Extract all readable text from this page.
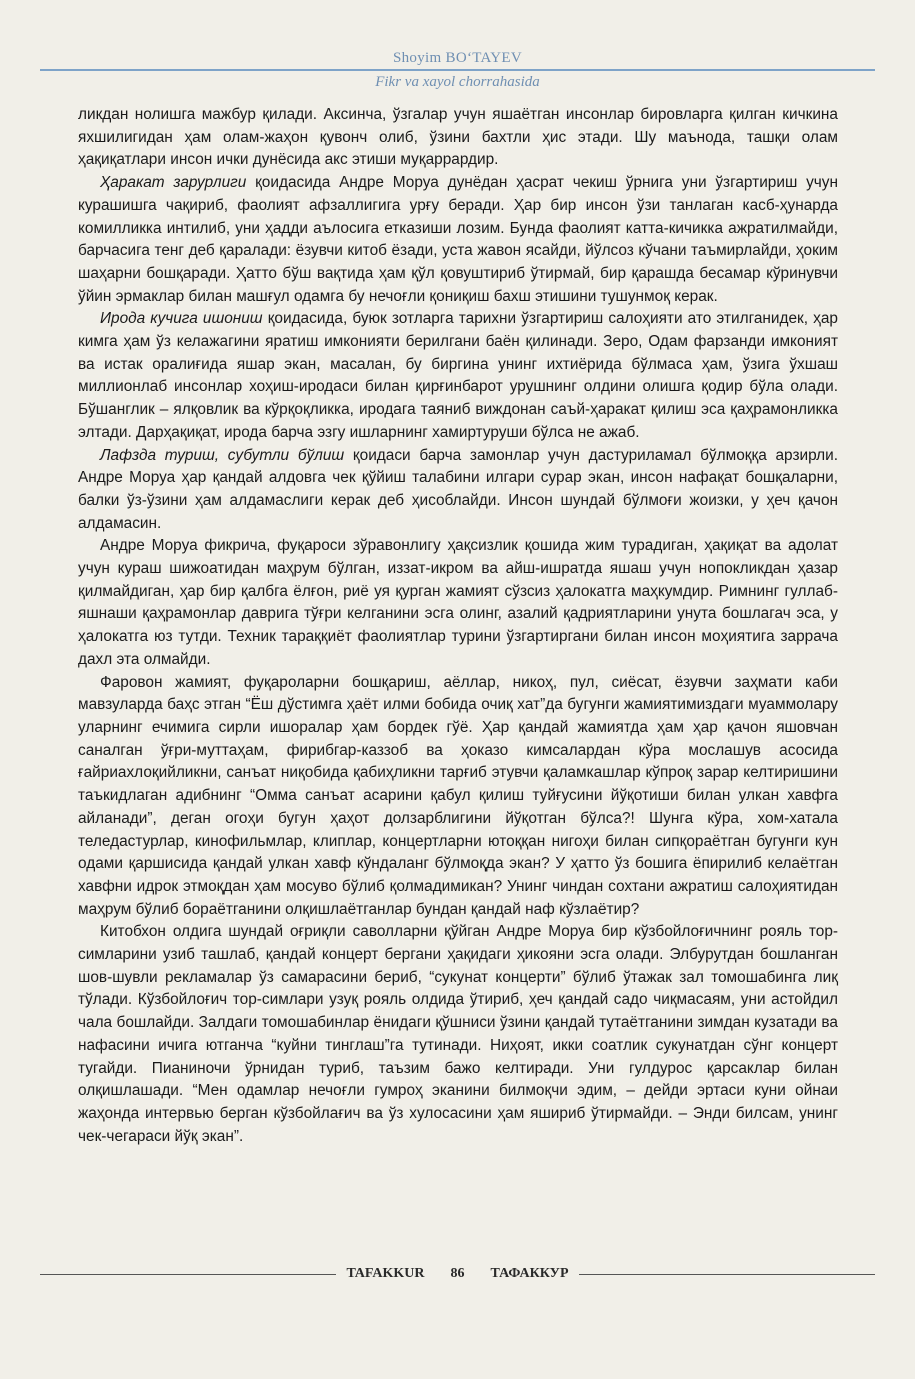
Shoyim BO‘TAYEV
Fikr va xayol chorrahasida

ликдан нолишга мажбур қилади. Аксинча, ўзгалар учун яшаётган инсонлар бировларга қилган кичкина яхшилигидан ҳам олам-жаҳон қувонч олиб, ўзини бахтли ҳис этади. Шу маънода, ташқи олам ҳақиқатлари инсон ички дунёсида акс этиши муқаррардир.

Ҳаракат зарурлиги қоидасида Андре Моруа дунёдан ҳасрат чекиш ўрнига уни ўзгартириш учун курашишга чақириб, фаолият афзаллигига урғу беради. Ҳар бир инсон ўзи танлаган касб-ҳунарда комилликка интилиб, уни ҳадди аълосига етказиши лозим. Бунда фаолият катта-кичикка ажратилмайди, барчасига тенг деб қаралади: ёзувчи китоб ёзади, уста жавон ясайди, йўлсоз кўчани таъмирлайди, ҳоким шаҳарни бошқаради. Ҳатто бўш вақтида ҳам қўл қовуштириб ўтирмай, бир қарашда бесамар кўринувчи ўйин эрмаклар билан машғул одамга бу нечоғли қониқиш бахш этишини тушунмоқ керак.

Ирода кучига ишониш қоидасида, буюк зотларга тарихни ўзгартириш салоҳияти ато этилганидек, ҳар кимга ҳам ўз келажагини яратиш имконияти берилгани баён қилинади. Зеро, Одам фарзанди имконият ва истак оралиғида яшар экан, масалан, бу биргина унинг ихтиёрида бўлмаса ҳам, ўзига ўхшаш миллионлаб инсонлар хоҳиш-иродаси билан қирғинбарот урушнинг олдини олишга қодир бўла олади. Бўшанглик – ялқовлик ва кўрқоқликка, иродага таяниб виждонан саъй-ҳаракат қилиш эса қаҳрамонликка элтади. Дарҳақиқат, ирода барча эзгу ишларнинг хамиртуруши бўлса не ажаб.

Лафзда туриш, субутли бўлиш қоидаси барча замонлар учун дастуриламал бўлмоққа арзирли. Андре Моруа ҳар қандай алдовга чек қўйиш талабини илгари сурар экан, инсон нафақат бошқаларни, балки ўз-ўзини ҳам алдамаслиги керак деб ҳисоблайди. Инсон шундай бўлмоғи жоизки, у ҳеч қачон алдамасин.

Андре Моруа фикрича, фуқароси зўравонлигу ҳақсизлик қошида жим турадиган, ҳақиқат ва адолат учун кураш шижоатидан маҳрум бўлган, иззат-икром ва айш-ишратда яшаш учун нопокликдан ҳазар қилмайдиган, ҳар бир қалбга ёлғон, риё уя қурган жамият сўзсиз ҳалокатга маҳкумдир. Римнинг гуллаб-яшнаши қаҳрамонлар даврига тўғри келганини эсга олинг, азалий қадриятларини унута бошлагач эса, у ҳалокатга юз тутди. Техник тараққиёт фаолиятлар турини ўзгартиргани билан инсон моҳиятига заррача дахл эта олмайди.

Фаровон жамият, фуқароларни бошқариш, аёллар, никоҳ, пул, сиёсат, ёзувчи заҳмати каби мавзуларда баҳс этган “Ёш дўстимга ҳаёт илми бобида очиқ хат”да бугунги жамиятимиздаги муаммолару уларнинг ечимига сирли ишоралар ҳам бордек гўё. Ҳар қандай жамиятда ҳам ҳар қачон яшовчан саналган ўғри-муттаҳам, фирибгар-каззоб ва ҳоказо кимсалардан кўра мослашув асосида ғайриахлоқийликни, санъат ниқобида қабиҳликни тарғиб этувчи қаламкашлар кўпроқ зарар келтиришини таъкидлаган адибнинг “Омма санъат асарини қабул қилиш туйғусини йўқотиши билан улкан хавфга айланади”, деган огоҳи бугун ҳаҳот долзарблигини йўқотган бўлса?! Шунга кўра, хом-хатала теледастурлар, кинофильмлар, клиплар, концертларни ютоққан нигоҳи билан сипқораётган бугунги кун одами қаршисида қандай улкан хавф кўндаланг бўлмоқда экан? У ҳатто ўз бошига ёпирилиб келаётган хавфни идрок этмоқдан ҳам мосуво бўлиб қолмадимикан? Унинг чиндан сохтани ажратиш салоҳиятидан маҳрум бўлиб бораётганини олқишлаётганлар бундан қандай наф кўзлаётир?

Китобхон олдига шундай оғриқли саволларни қўйган Андре Моруа бир кўзбойлоғичнинг рояль тор-симларини узиб ташлаб, қандай концерт бергани ҳақидаги ҳикояни эсга олади. Элбурутдан бошланган шов-шувли рекламалар ўз самарасини бериб, “сукунат концерти” бўлиб ўтажак зал томошабинга лиқ тўлади. Кўзбойлоғич тор-симлари узуқ рояль олдида ўтириб, ҳеч қандай садо чиқмасаям, уни астойдил чала бошлайди. Залдаги томошабинлар ёнидаги қўшниси ўзини қандай тутаётганини зимдан кузатади ва нафасини ичига ютганча “куйни тинглаш”га тутинади. Ниҳоят, икки соатлик сукунатдан сўнг концерт тугайди. Пианиночи ўрнидан туриб, таъзим бажо келтиради. Уни гулдурос қарсаклар билан олқишлашади. “Мен одамлар нечоғли гумроҳ эканини билмоқчи эдим, – дейди эртаси куни ойнаи жаҳонда интервью берган кўзбойлағич ва ўз хулосасини ҳам яшириб ўтирмайди. – Энди билсам, унинг чек-чегараси йўқ экан”.

TAFAKKUR	86	ТАФАККУР
